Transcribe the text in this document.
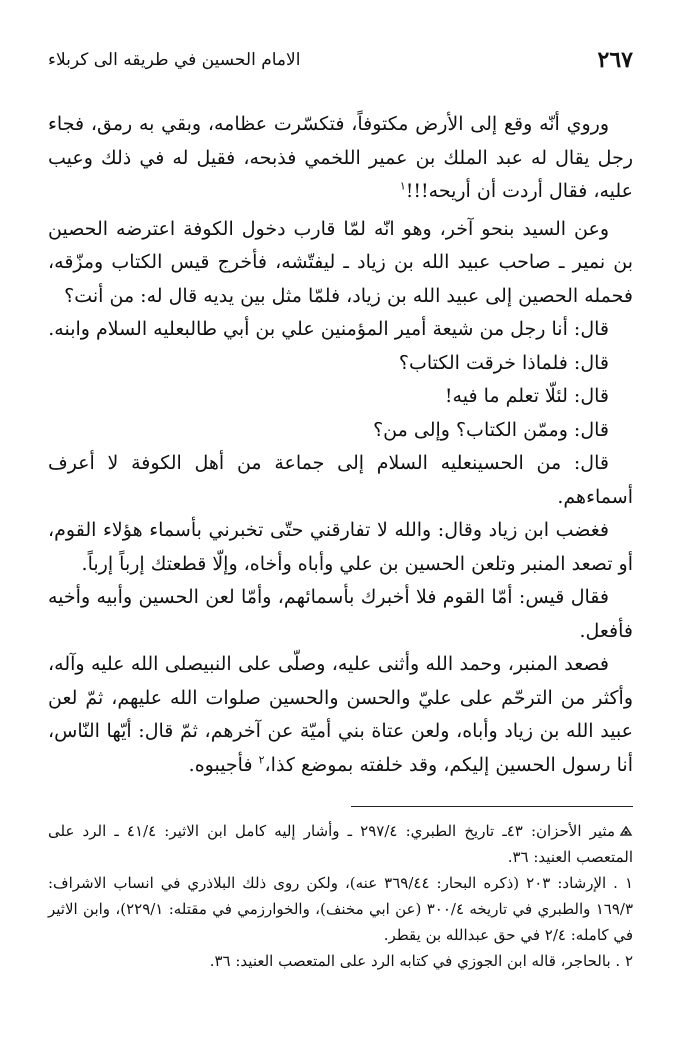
الامام الحسين في طريقه الى كربلاء	٢٦٧

وروي أنّه وقع إلى الأرض مكتوفاً، فتكسّرت عظامه، وبقي به رمق، فجاء رجل يقال له عبد الملك بن عمير اللخمي فذبحه، فقيل له في ذلك وعيب عليه، فقال أردت أن أريحه!!!$^١$

وعن السيد بنحو آخر، وهو انّه لمّا قارب دخول الكوفة اعترضه الحصين بن نمير ـ صاحب عبيد الله بن زياد ـ ليفتّشه، فأخرج قيس الكتاب ومزّقه، فحمله الحصين إلى عبيد الله بن زياد، فلمّا مثل بين يديه قال له: من أنت؟

قال: أنا رجل من شيعة أمير المؤمنين علي بن أبي طالبعليه السلام وابنه.

قال: فلماذا خرقت الكتاب؟

قال: لئلّا تعلم ما فيه!

قال: وممّن الكتاب؟ وإلى من؟

قال: من الحسينعليه السلام إلى جماعة من أهل الكوفة لا أعرف أسماءهم.

فغضب ابن زياد وقال: والله لا تفارقني حتّى تخبرني بأسماء هؤلاء القوم، أو تصعد المنبر وتلعن الحسين بن علي وأباه وأخاه، وإلّا قطعتك إرباً إرباً.

فقال قيس: أمّا القوم فلا أخبرك بأسمائهم، وأمّا لعن الحسين وأبيه وأخيه فأفعل.

فصعد المنبر، وحمد الله وأثنى عليه، وصلّى على النبيصلى الله عليه وآله، وأكثر من الترحّم على عليّ والحسن والحسين صلوات الله عليهم، ثمّ لعن عبيد الله بن زياد وأباه، ولعن عتاة بني أميّة عن آخرهم، ثمّ قال: أيّها النّاس، أنا رسول الحسين إليكم، وقد خلفته بموضع كذا،$^٢$ فأجيبوه.

مثير الأحزان: ٤٣ـ تاريخ الطبري: ٢٩٧/٤ ـ وأشار إليه كامل ابن الاثير: ٤١/٤ ـ الرد على المتعصب العنيد: ٣٦.

١ . الإرشاد: ٢٠٣ (ذكره البحار: ٣٦٩/٤٤ عنه)، ولكن روى ذلك البلاذري في انساب الاشراف: ١٦٩/٣ والطبري في تاريخه ٣٠٠/٤ (عن ابي مخنف)، والخوارزمي في مقتله: ٢٢٩/١)، وابن الاثير في كامله: ٢/٤ في حق عبدالله بن يقطر.

٢ . بالحاجر، قاله ابن الجوزي في كتابه الرد على المتعصب العنيد: ٣٦.
